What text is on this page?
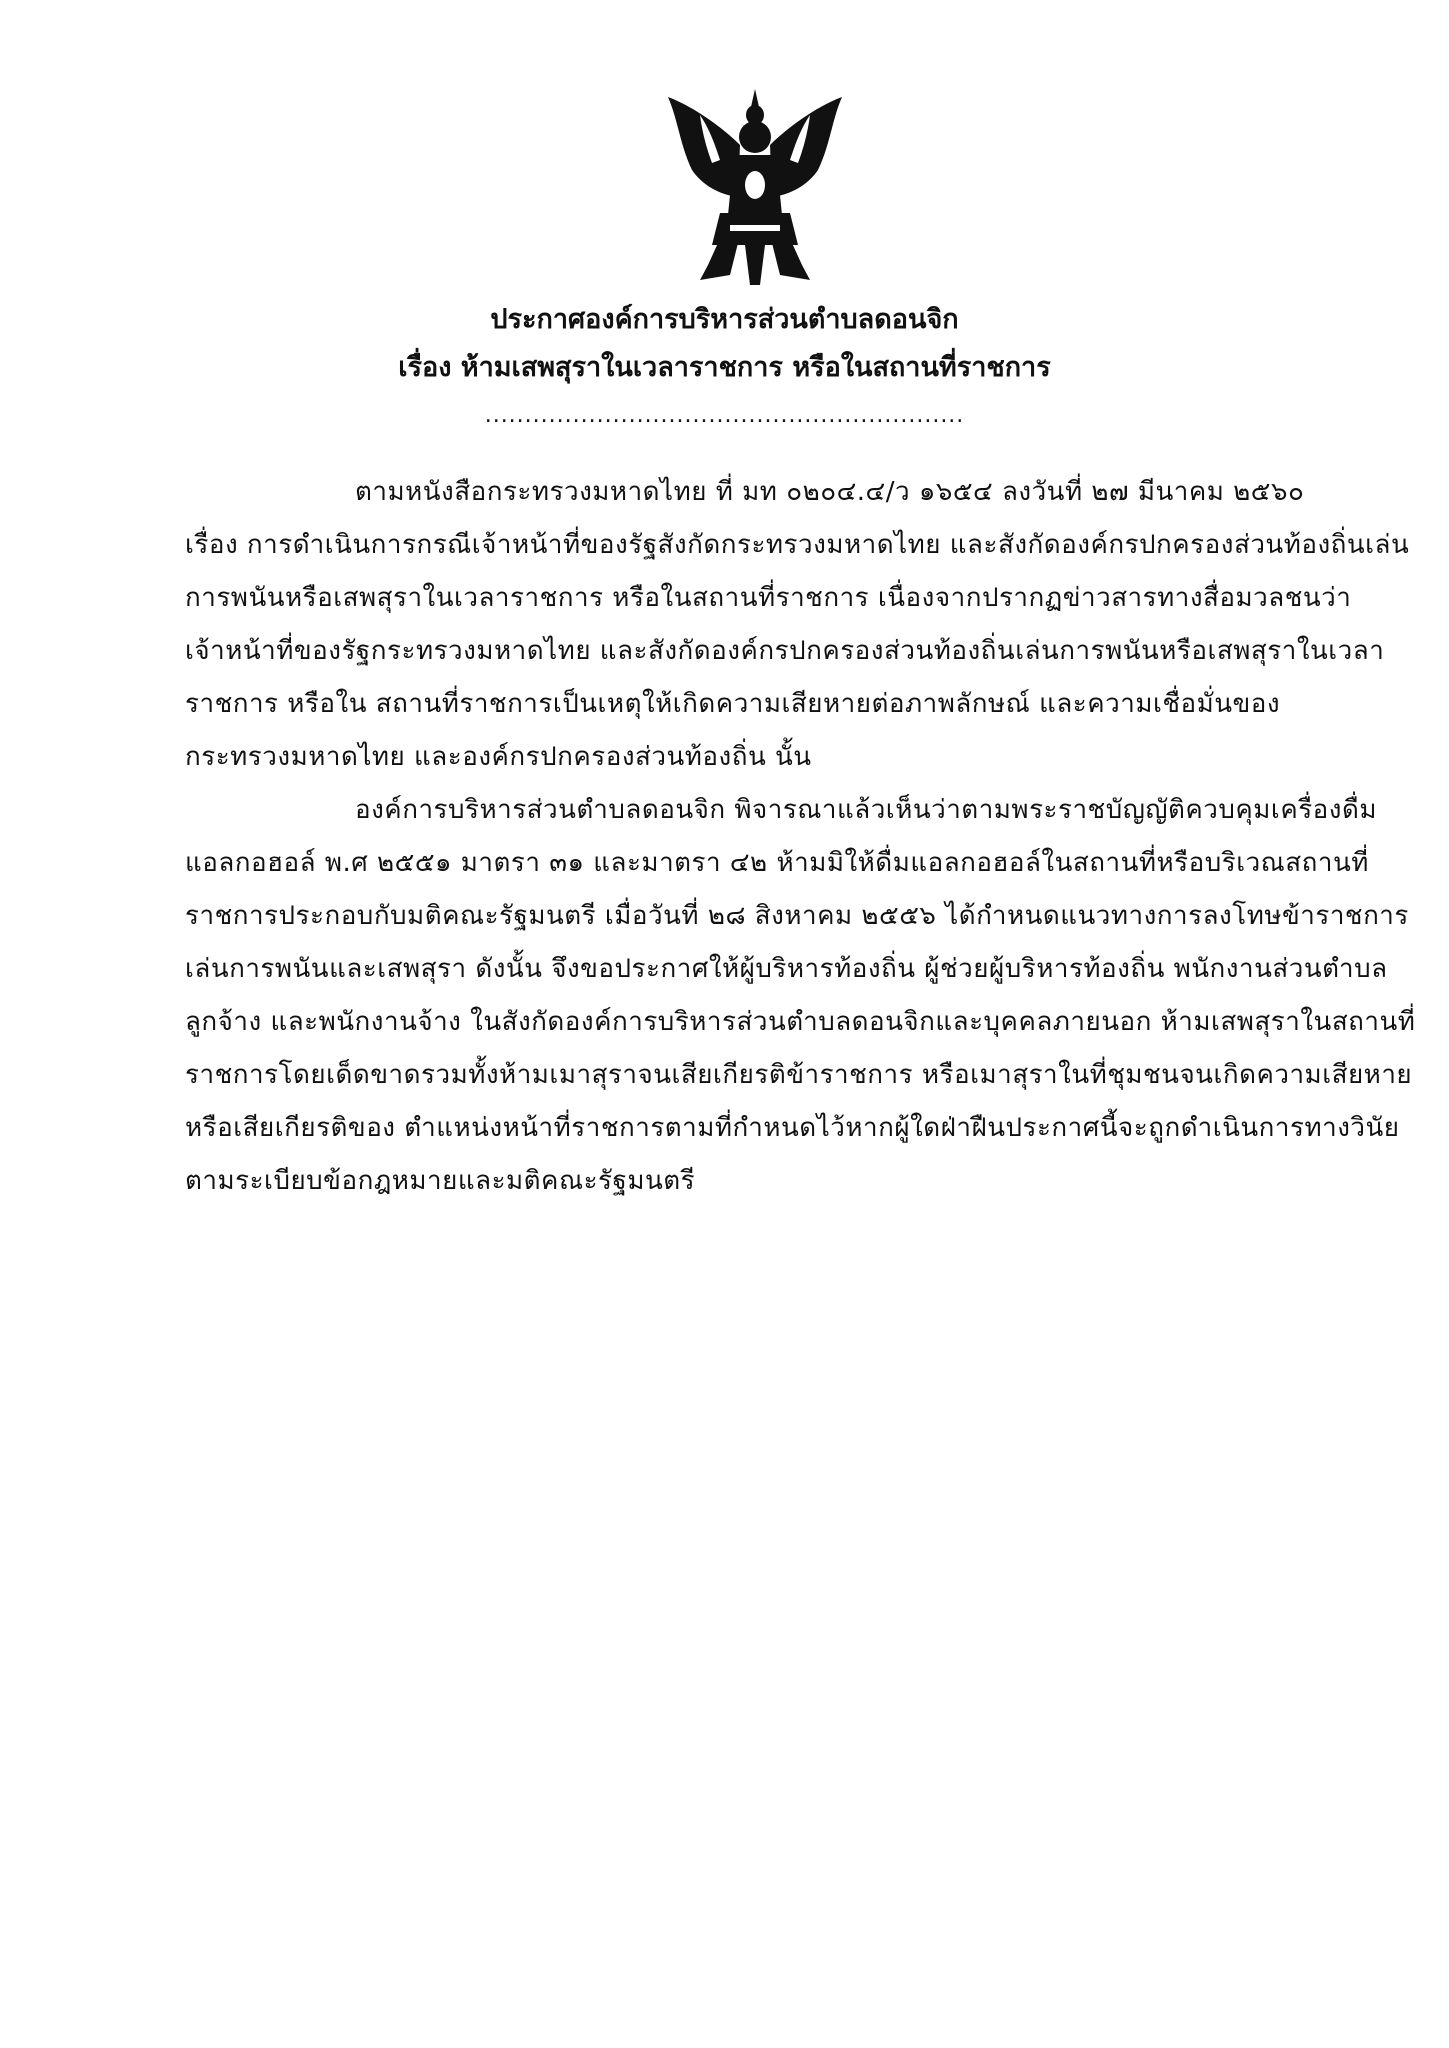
ประกาศองค์การบริหารส่วนตำบลดอนจิก
เรื่อง ห้ามเสพสุราในเวลาราชการ หรือในสถานที่ราชการ
............................................................
ตามหนังสือกระทรวงมหาดไทย ที่ มท ๐๒๐๔.๔/ว ๑๖๕๔ ลงวันที่ ๒๗ มีนาคม ๒๕๖๐
เรื่อง การดำเนินการกรณีเจ้าหน้าที่ของรัฐสังกัดกระทรวงมหาดไทย และสังกัดองค์กรปกครองส่วนท้องถิ่นเล่น
การพนันหรือเสพสุราในเวลาราชการ หรือในสถานที่ราชการ เนื่องจากปรากฏข่าวสารทางสื่อมวลชนว่า
เจ้าหน้าที่ของรัฐกระทรวงมหาดไทย และสังกัดองค์กรปกครองส่วนท้องถิ่นเล่นการพนันหรือเสพสุราในเวลา
ราชการ หรือใน สถานที่ราชการเป็นเหตุให้เกิดความเสียหายต่อภาพลักษณ์ และความเชื่อมั่นของ
กระทรวงมหาดไทย และองค์กรปกครองส่วนท้องถิ่น นั้น
องค์การบริหารส่วนตำบลดอนจิก พิจารณาแล้วเห็นว่าตามพระราชบัญญัติควบคุมเครื่องดื่ม
แอลกอฮอล์ พ.ศ ๒๕๕๑ มาตรา ๓๑ และมาตรา ๔๒ ห้ามมิให้ดื่มแอลกอฮอล์ในสถานที่หรือบริเวณสถานที่
ราชการประกอบกับมติคณะรัฐมนตรี เมื่อวันที่ ๒๘ สิงหาคม ๒๕๕๖ ได้กำหนดแนวทางการลงโทษข้าราชการ
เล่นการพนันและเสพสุรา ดังนั้น จึงขอประกาศให้ผู้บริหารท้องถิ่น ผู้ช่วยผู้บริหารท้องถิ่น พนักงานส่วนตำบล
ลูกจ้าง และพนักงานจ้าง ในสังกัดองค์การบริหารส่วนตำบลดอนจิกและบุคคลภายนอก ห้ามเสพสุราในสถานที่
ราชการโดยเด็ดขาดรวมทั้งห้ามเมาสุราจนเสียเกียรติข้าราชการ หรือเมาสุราในที่ชุมชนจนเกิดความเสียหาย
หรือเสียเกียรติของ ตำแหน่งหน้าที่ราชการตามที่กำหนดไว้หากผู้ใดฝ่าฝืนประกาศนี้จะถูกดำเนินการทางวินัย
ตามระเบียบข้อกฎหมายและมติคณะรัฐมนตรี
